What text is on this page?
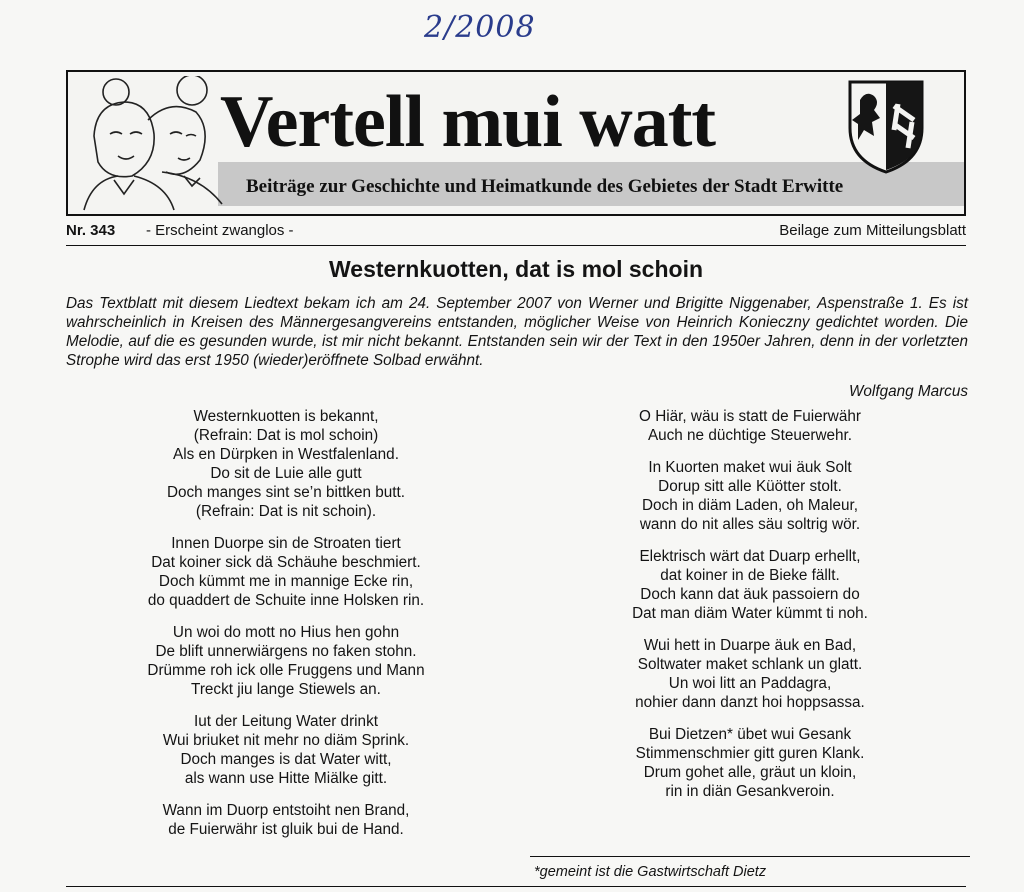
2/2008
Vertell mui watt
Beiträge zur Geschichte und Heimatkunde des Gebietes der Stadt Erwitte
Nr. 343 - Erscheint zwanglos -	Beilage zum Mitteilungsblatt
Westernkuotten, dat is mol schoin
Das Textblatt mit diesem Liedtext bekam ich am 24. September 2007 von Werner und Brigitte Niggenaber, Aspenstraße 1. Es ist wahrscheinlich in Kreisen des Männergesangvereins entstanden, möglicher Weise von Heinrich Konieczny gedichtet worden. Die Melodie, auf die es gesunden wurde, ist mir nicht bekannt. Entstanden sein wir der Text in den 1950er Jahren, denn in der vorletzten Strophe wird das erst 1950 (wieder)eröffnete Solbad erwähnt.
Wolfgang Marcus
Westernkuotten is bekannt,
(Refrain: Dat is mol schoin)
Als en Dürpken in Westfalenland.
Do sit de Luie alle gutt
Doch manges sint se’n bittken butt.
(Refrain: Dat is nit schoin).
Innen Duorpe sin de Stroaten tiert
Dat koiner sick dä Schäuhe beschmiert.
Doch kümmt me in mannige Ecke rin,
do quaddert de Schuite inne Holsken rin.
Un woi do mott no Hius hen gohn
De blift unnerwiärgens no faken stohn.
Drümme roh ick olle Fruggens und Mann
Treckt jiu lange Stiewels an.
Iut der Leitung Water drinkt
Wui briuket nit mehr no diäm Sprink.
Doch manges is dat Water witt,
als wann use Hitte Miälke gitt.
Wann im Duorp entstoiht nen Brand,
de Fuierwähr ist gluik bui de Hand.
O Hiär, wäu is statt de Fuierwähr
Auch ne düchtige Steuerwehr.
In Kuorten maket wui äuk Solt
Dorup sitt alle Küötter stolt.
Doch in diäm Laden, oh Maleur,
wann do nit alles säu soltrig wör.
Elektrisch wärt dat Duarp erhellt,
dat koiner in de Bieke fällt.
Doch kann dat äuk passoiern do
Dat man diäm Water kümmt ti noh.
Wui hett in Duarpe äuk en Bad,
Soltwater maket schlank un glatt.
Un woi litt an Paddagra,
nohier dann danzt hoi hoppsassa.
Bui Dietzen* übet wui Gesank
Stimmenschmier gitt guren Klank.
Drum gohet alle, gräut un kloin,
rin in diän Gesankveroin.
*gemeint ist die Gastwirtschaft Dietz
